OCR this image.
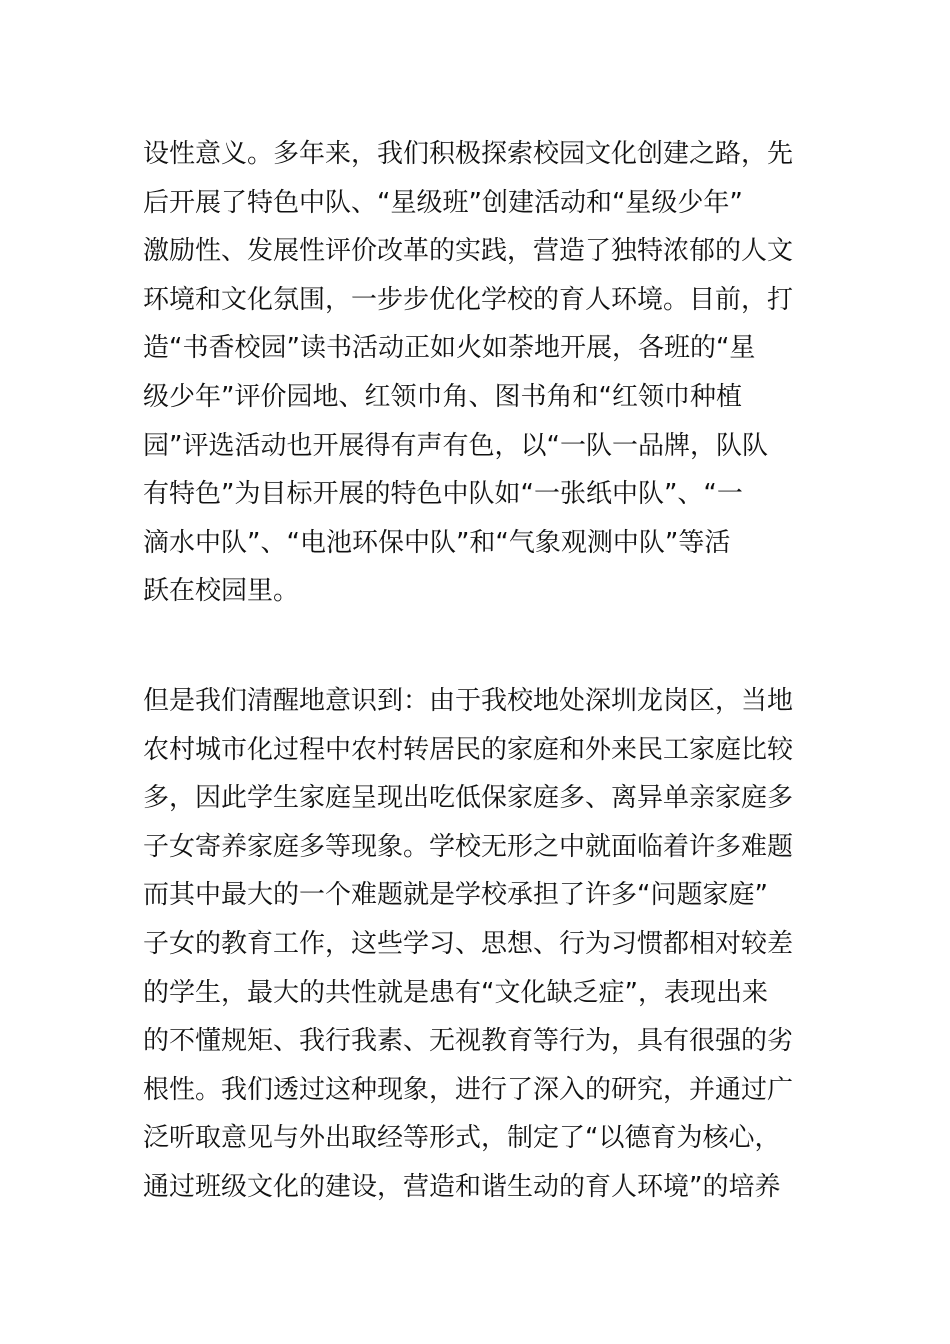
设性意义。多年来，我们积极探索校园文化创建之路，先
后开展了特色中队、“星级班”创建活动和“星级少年”
激励性、发展性评价改革的实践，营造了独特浓郁的人文
环境和文化氛围，一步步优化学校的育人环境。目前，打
造“书香校园”读书活动正如火如荼地开展，各班的“星
级少年”评价园地、红领巾角、图书角和“红领巾种植
园”评选活动也开展得有声有色，以“一队一品牌，队队
有特色”为目标开展的特色中队如“一张纸中队”、“一
滴水中队”、“电池环保中队”和“气象观测中队”等活
跃在校园里。

但是我们清醒地意识到：由于我校地处深圳龙岗区，当地
农村城市化过程中农村转居民的家庭和外来民工家庭比较
多，因此学生家庭呈现出吃低保家庭多、离异单亲家庭多
子女寄养家庭多等现象。学校无形之中就面临着许多难题
而其中最大的一个难题就是学校承担了许多“问题家庭”
子女的教育工作，这些学习、思想、行为习惯都相对较差
的学生，最大的共性就是患有“文化缺乏症”，表现出来
的不懂规矩、我行我素、无视教育等行为，具有很强的劣
根性。我们透过这种现象，进行了深入的研究，并通过广
泛听取意见与外出取经等形式，制定了“以德育为核心，
通过班级文化的建设，营造和谐生动的育人环境”的培养
